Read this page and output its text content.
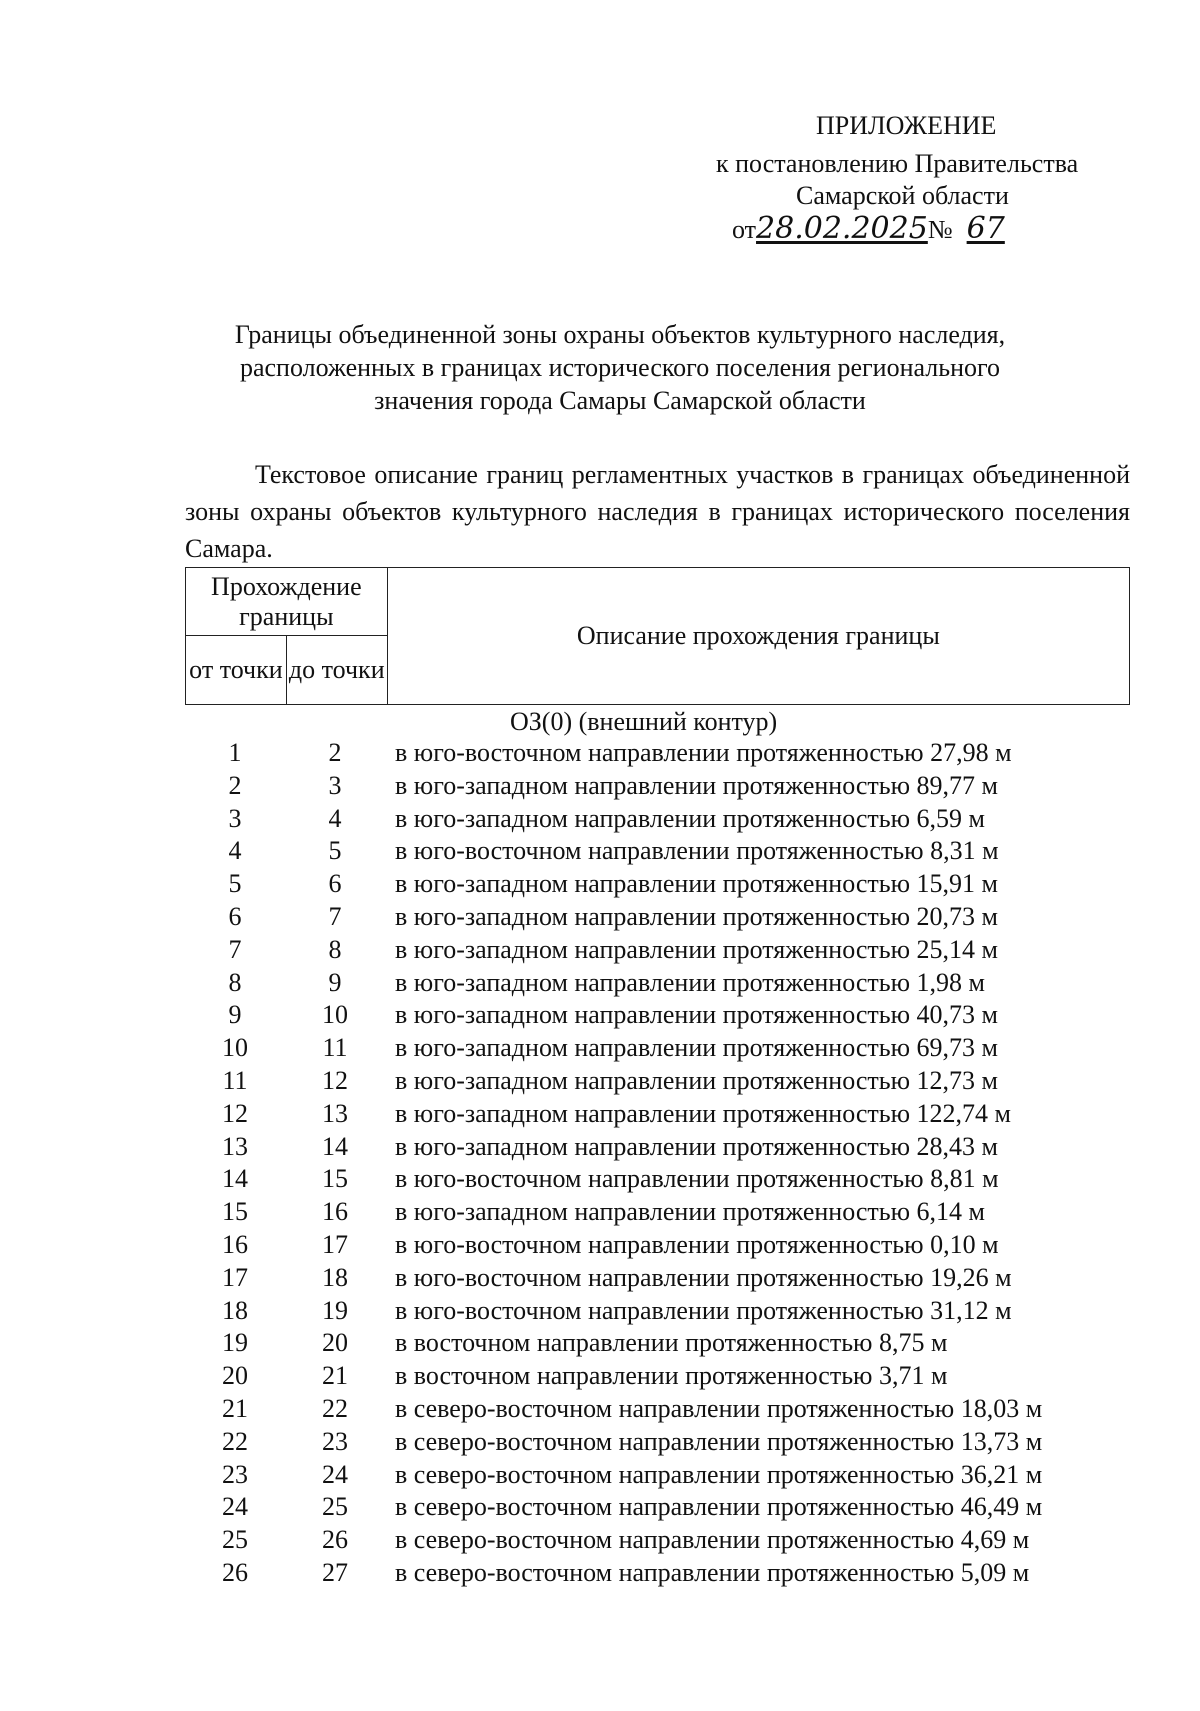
ПРИЛОЖЕНИЕ
к постановлению Правительства
Самарской области
от28.02.2025№ 67
Границы объединенной зоны охраны объектов культурного наследия,
расположенных в границах исторического поселения регионального
значения города Самары Самарской области
Текстовое описание границ регламентных участков в границах объединенной зоны охраны объектов культурного наследия в границах исторического поселения Самара.
Прохождение границы		Описание прохождения границы
от точки	до точки	
ОЗ(0) (внешний контур)
1	2	в юго-восточном направлении протяженностью 27,98 м
2	3	в юго-западном направлении протяженностью 89,77 м
3	4	в юго-западном направлении протяженностью 6,59 м
4	5	в юго-восточном направлении протяженностью 8,31 м
5	6	в юго-западном направлении протяженностью 15,91 м
6	7	в юго-западном направлении протяженностью 20,73 м
7	8	в юго-западном направлении протяженностью 25,14 м
8	9	в юго-западном направлении протяженностью 1,98 м
9	10	в юго-западном направлении протяженностью 40,73 м
10	11	в юго-западном направлении протяженностью 69,73 м
11	12	в юго-западном направлении протяженностью 12,73 м
12	13	в юго-западном направлении протяженностью 122,74 м
13	14	в юго-западном направлении протяженностью 28,43 м
14	15	в юго-восточном направлении протяженностью 8,81 м
15	16	в юго-западном направлении протяженностью 6,14 м
16	17	в юго-восточном направлении протяженностью 0,10 м
17	18	в юго-восточном направлении протяженностью 19,26 м
18	19	в юго-восточном направлении протяженностью 31,12 м
19	20	в восточном направлении протяженностью 8,75 м
20	21	в восточном направлении протяженностью 3,71 м
21	22	в северо-восточном направлении протяженностью 18,03 м
22	23	в северо-восточном направлении протяженностью 13,73 м
23	24	в северо-восточном направлении протяженностью 36,21 м
24	25	в северо-восточном направлении протяженностью 46,49 м
25	26	в северо-восточном направлении протяженностью 4,69 м
26	27	в северо-восточном направлении протяженностью 5,09 м
